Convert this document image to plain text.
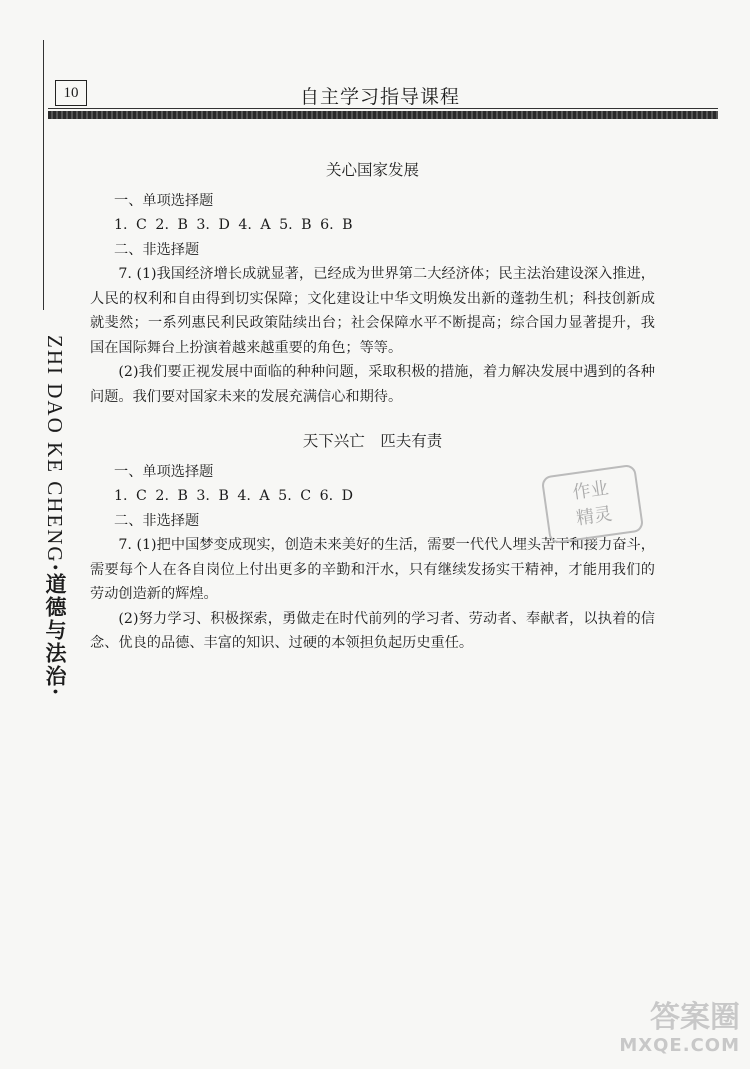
10	自主学习指导课程
ZHI DAO KE CHENG·道德与法治·
关心国家发展

一、单项选择题

1. C 2. B 3. D 4. A 5. B 6. B

二、非选择题

7. (1)我国经济增长成就显著，已经成为世界第二大经济体；民主法治建设深入推进，人民的权利和自由得到切实保障；文化建设让中华文明焕发出新的蓬勃生机；科技创新成就斐然；一系列惠民利民政策陆续出台；社会保障水平不断提高；综合国力显著提升，我国在国际舞台上扮演着越来越重要的角色；等等。

(2)我们要正视发展中面临的种种问题，采取积极的措施，着力解决发展中遇到的各种问题。我们要对国家未来的发展充满信心和期待。

天下兴亡　匹夫有责

一、单项选择题

1. C 2. B 3. B 4. A 5. C 6. D

二、非选择题

7. (1)把中国梦变成现实，创造未来美好的生活，需要一代代人埋头苦干和接力奋斗，需要每个人在各自岗位上付出更多的辛勤和汗水，只有继续发扬实干精神，才能用我们的劳动创造新的辉煌。

(2)努力学习、积极探索，勇做走在时代前列的学习者、劳动者、奉献者，以执着的信念、优良的品德、丰富的知识、过硬的本领担负起历史重任。

作业
精灵
答案圈
MXQE.COM
